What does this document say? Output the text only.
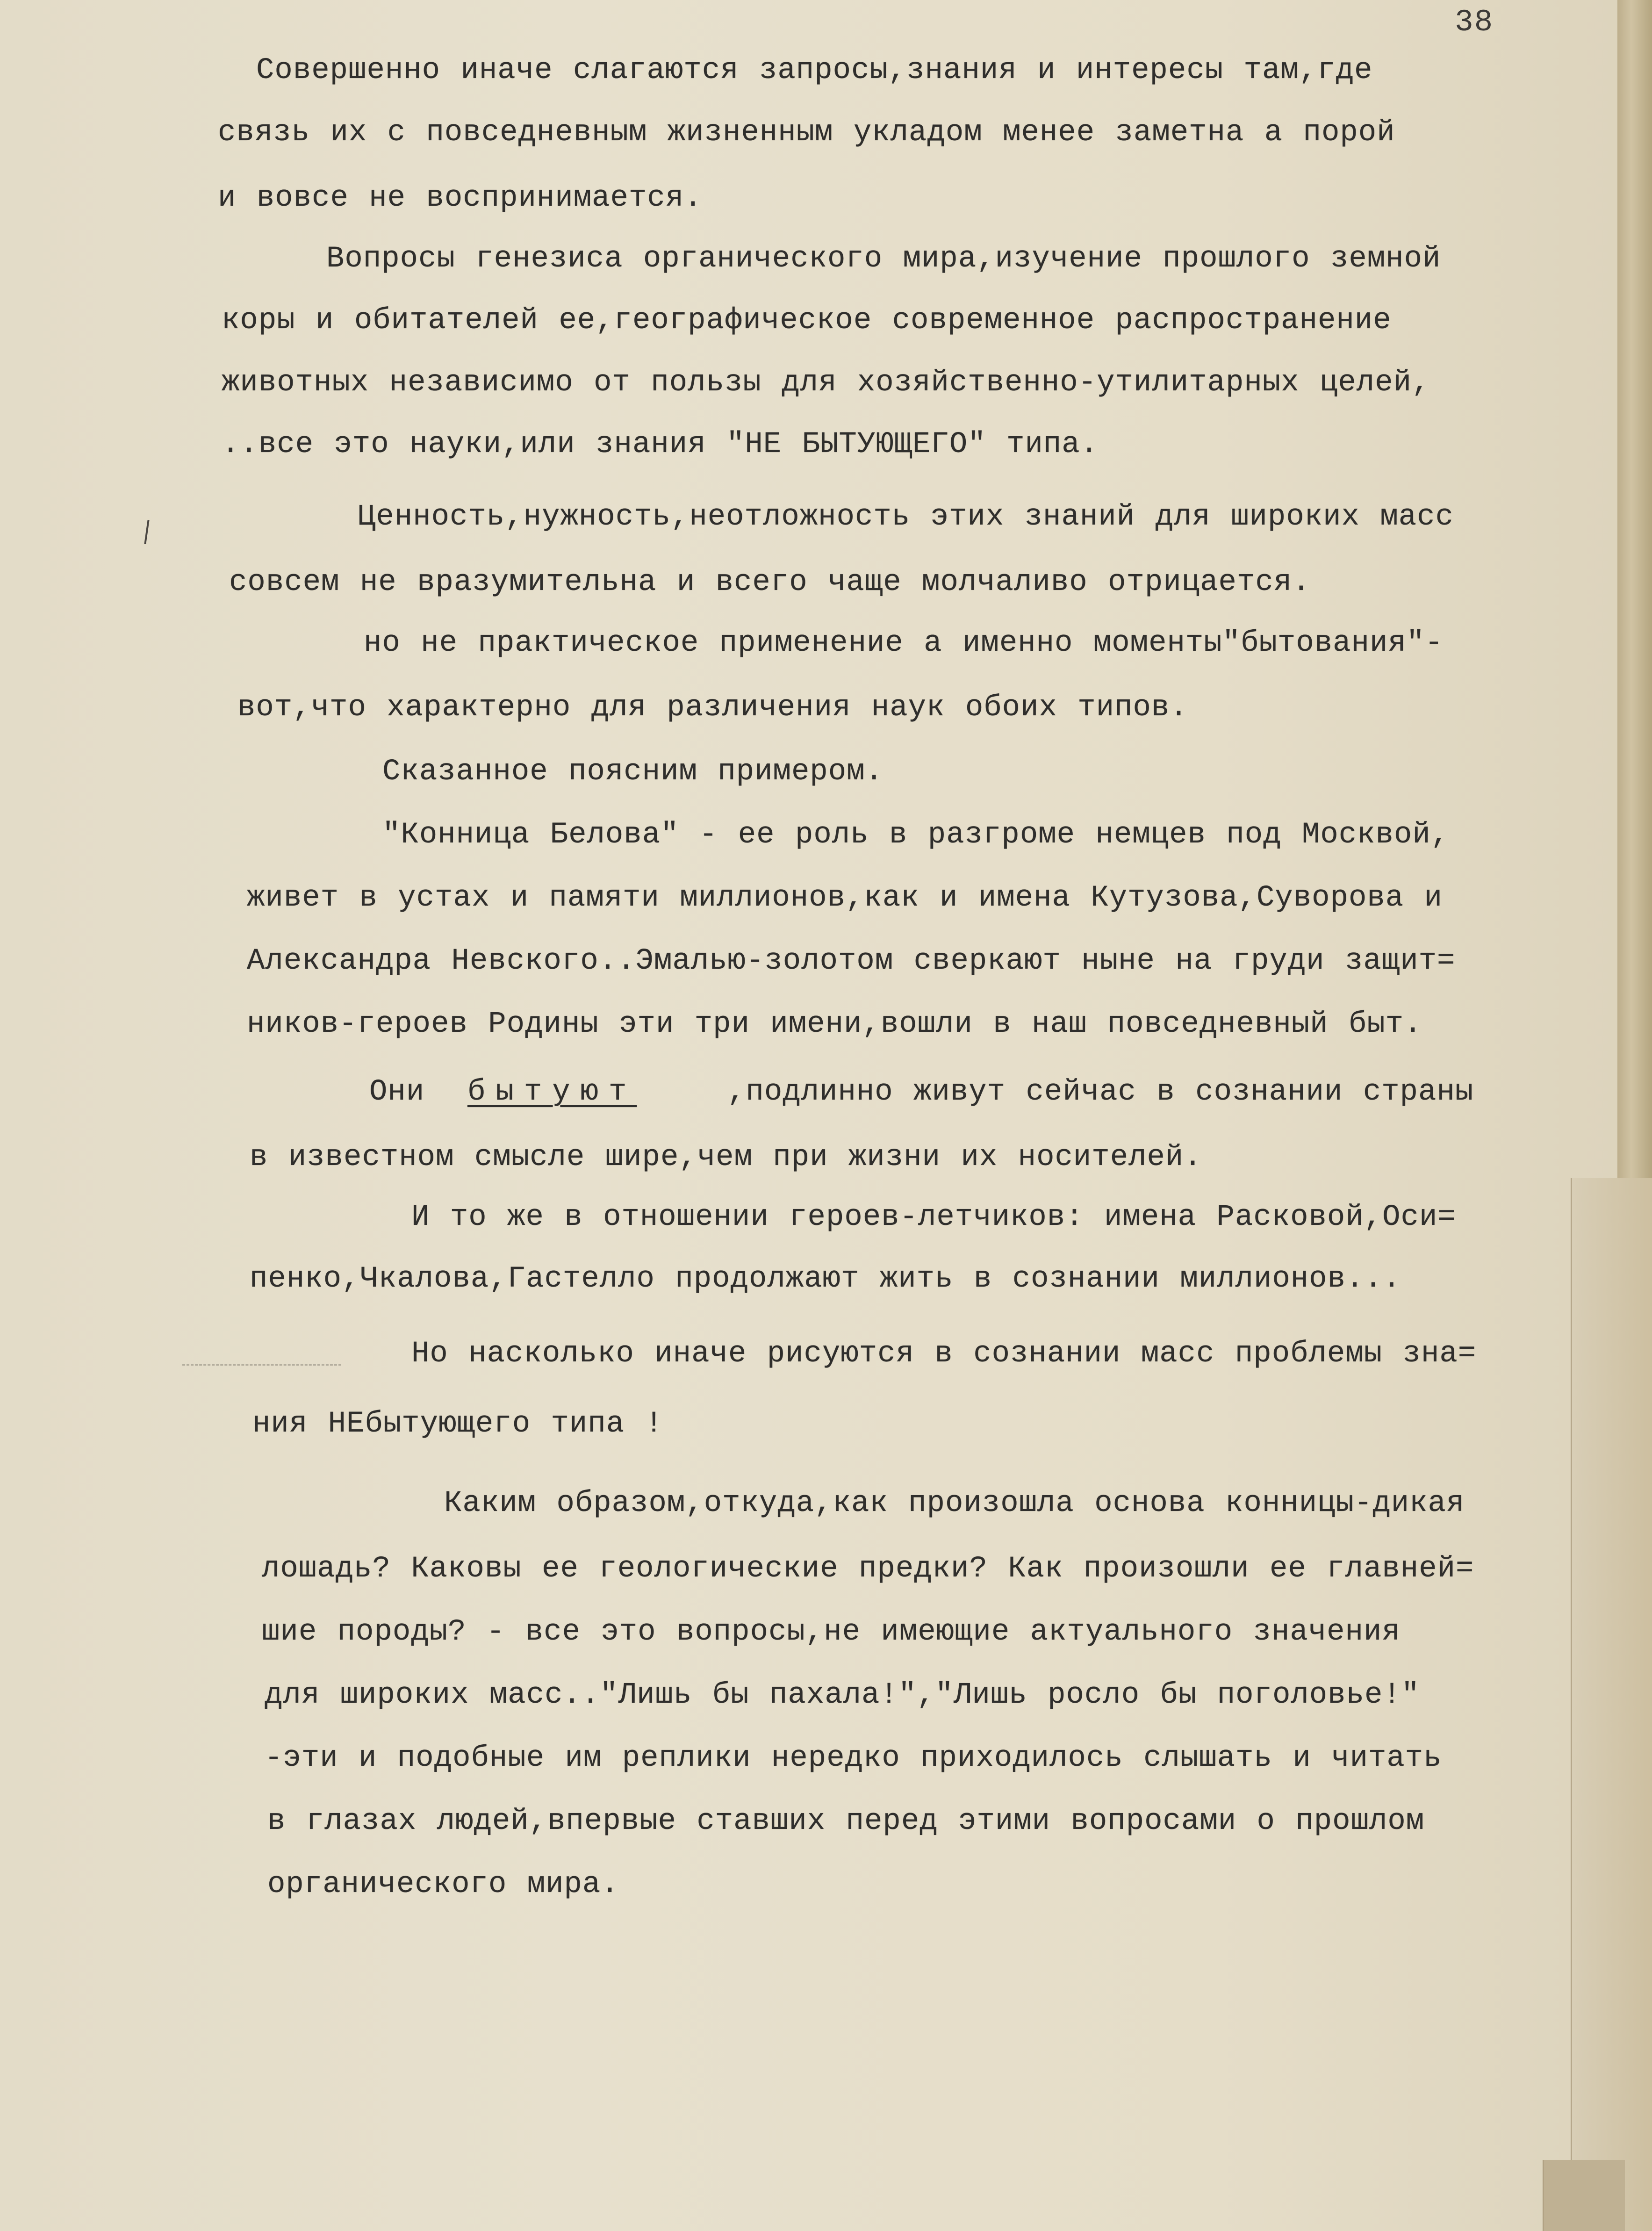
38
Совершенно иначе слагаются запросы,знания и интересы там,где
связь их с повседневным жизненным укладом менее заметна а порой
и вовсе не воспринимается.
Вопросы генезиса органического мира,изучение прошлого земной
коры и обитателей ее,географическое современное распространение
животных независимо от пользы для хозяйственно-утилитарных целей,
..все это науки,или знания "НЕ БЫТУЮЩЕГО" типа.
Ценность,нужность,неотложность этих знаний для широких масс
совсем не вразумительна и всего чаще молчаливо отрицается.
но не практическое применение а именно моменты"бытования"-
вот,что характерно для различения наук обоих типов.
Сказанное поясним примером.
"Конница Белова" - ее роль в разгроме немцев под Москвой,
живет в устах и памяти миллионов,как и имена Кутузова,Суворова и
Александра Невского..Эмалью-золотом сверкают ныне на груди защит=
ников-героев Родины эти три имени,вошли в наш повседневный быт.
Они бытуют	,подлинно живут сейчас в сознании страны
в известном смысле шире,чем при жизни их носителей.
И то же в отношении героев-летчиков: имена Расковой,Оси=
пенко,Чкалова,Гастелло продолжают жить в сознании миллионов...
Но насколько иначе рисуются в сознании масс проблемы зна=
ния НЕбытующего типа !
Каким образом,откуда,как произошла основа конницы-дикая
лошадь? Каковы ее геологические предки? Как произошли ее главней=
шие породы? - все это вопросы,не имеющие актуального значения
для широких масс.."Лишь бы пахала!","Лишь росло бы поголовье!"
-эти и подобные им реплики нередко приходилось слышать и читать
в глазах людей,впервые ставших перед этими вопросами о прошлом
органического мира.
